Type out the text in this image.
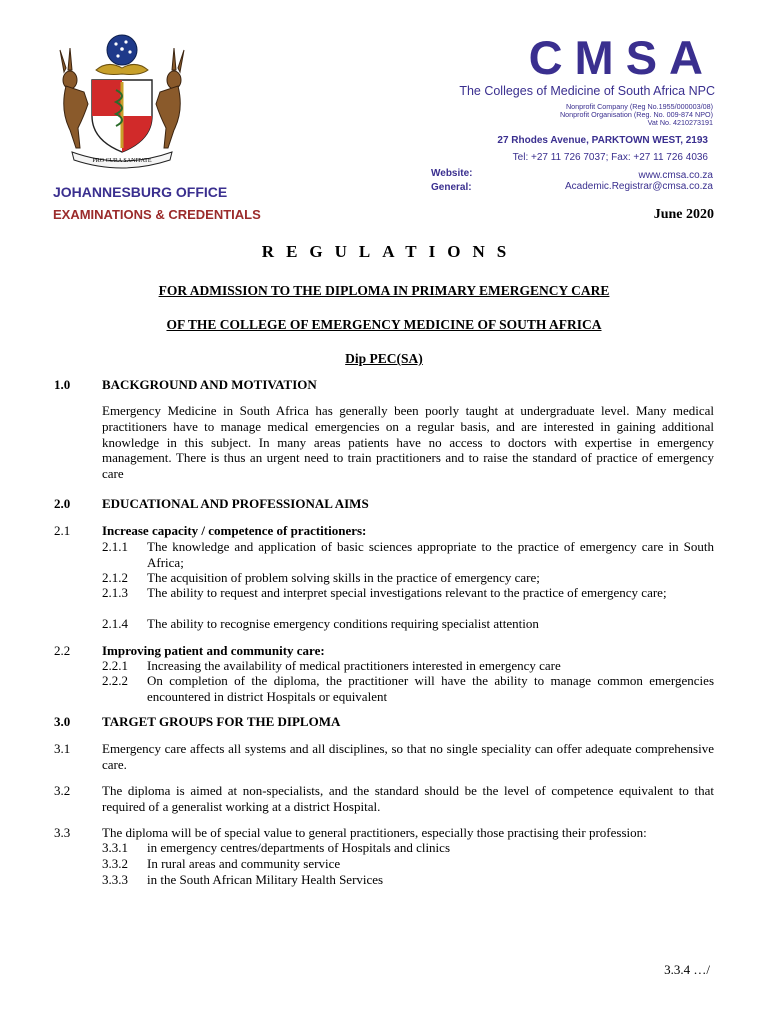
PRO CURA SANITATE
CMSA
The Colleges of Medicine of South Africa NPC
Nonprofit Company (Reg No.1955/000003/08)
Nonprofit Organisation (Reg. No. 009-874 NPO)
Vat No. 4210273191
27 Rhodes Avenue, PARKTOWN WEST, 2193
Tel: +27 11 726 7037; Fax: +27 11 726 4036
Website:	www.cmsa.co.za
General:	Academic.Registrar@cmsa.co.za
JOHANNESBURG OFFICE
EXAMINATIONS & CREDENTIALS	June 2020
REGULATIONS
FOR ADMISSION TO THE DIPLOMA IN PRIMARY EMERGENCY CARE
OF THE COLLEGE OF EMERGENCY MEDICINE OF SOUTH AFRICA
Dip PEC(SA)
1.0 BACKGROUND AND MOTIVATION
Emergency Medicine in South Africa has generally been poorly taught at undergraduate level. Many medical practitioners have to manage medical emergencies on a regular basis, and are interested in gaining additional knowledge in this subject. In many areas patients have no access to doctors with expertise in emergency management. There is thus an urgent need to train practitioners and to raise the standard of practice of emergency care
2.0 EDUCATIONAL AND PROFESSIONAL AIMS
2.1 Increase capacity / competence of practitioners:
2.1.1 The knowledge and application of basic sciences appropriate to the practice of emergency care in South Africa;
2.1.2 The acquisition of problem solving skills in the practice of emergency care;
2.1.3 The ability to request and interpret special investigations relevant to the practice of emergency care;
2.1.4 The ability to recognise emergency conditions requiring specialist attention
2.2 Improving patient and community care:
2.2.1 Increasing the availability of medical practitioners interested in emergency care
2.2.2 On completion of the diploma, the practitioner will have the ability to manage common emergencies encountered in district Hospitals or equivalent
3.0 TARGET GROUPS FOR THE DIPLOMA
3.1 Emergency care affects all systems and all disciplines, so that no single speciality can offer adequate comprehensive care.
3.2 The diploma is aimed at non-specialists, and the standard should be the level of competence equivalent to that required of a generalist working at a district Hospital.
3.3 The diploma will be of special value to general practitioners, especially those practising their profession:
3.3.1 in emergency centres/departments of Hospitals and clinics
3.3.2 In rural areas and community service
3.3.3 in the South African Military Health Services
3.3.4 …/
